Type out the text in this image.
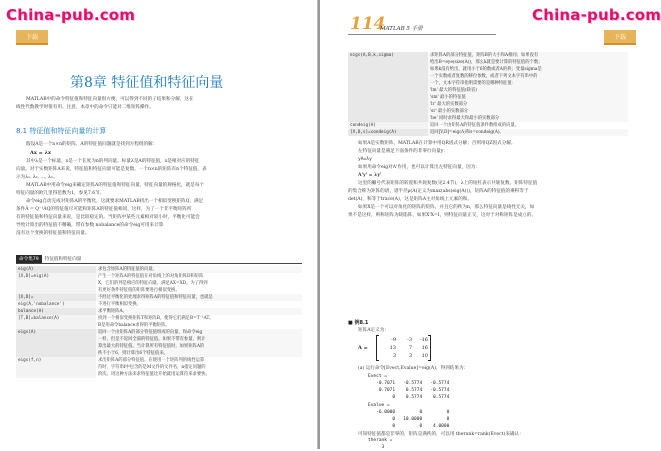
China-pub.com
下载
第8章 特征值和特征向量
MATLAB中的命令特征值和特征向量很方便，可以得到不同的子结果和分解，这在
线性代数教学时很有用。注意，本章中的命令只能对二维矩阵操作。
8.1 特征值和特征向量的计算
假设A是一个n×n的矩阵，A的特征值问题就是找到方程组的解：
Ax = λx
其中λ是一个标量，x是一个长度为n的列向量。标量λ是A的特征值，x是相对应的特征
向量。对于实数矩阵A来说，特征值和特征向量可能是复数。一个n×n的矩阵有n个特征值，表
示为λ₁, λ₂, …, λₙ。
MATLAB中用命令eig来确定矩阵A的特征值和特征向量，特征向量的规格化，就是每个
特征向量的欧几里得范数为1，参见7.6节。
命令eig自动完成对矩阵A的平衡化，这就要求MATLAB找出一个相似变换矩阵Q，满足
条件Ā = Q⁻¹AQ的特征值尽可能和矩阵A的特征值相同，这样，为了一个非平衡矩阵所
有的特征值和特征向量来说，是比较稳定的。当矩阵中某些元素相对较小时，平衡化可能会
导致计算出的特征值不精确，带有参数 nobalance的命令eig可用来计算
没有这个变换的特征值和特征向量。
命令集79	特征值和特征向量
eig(A)	求包含矩阵A的特征值的向量。
[X,D]=eig(A)	产生一个矩阵A的特征值在对角线上的对角矩阵D和矩阵
	X，它们的列是相应的特征向量，满足AX=XD。为了得到
	有更好条件特征值的矩阵要进行相似变换。
[X,D]=	不经过平衡化的处理求得矩阵A的特征值和特征向量，也就是
eig(A,'nobalance')	不进行平衡相似变换。
balance(A)	求平衡矩阵A。
[T,B]=balance(A)	找到一个相似变换矩阵T和矩阵B，使得它们满足B=T⁻¹AT。
	B是用命令balance求得的平衡矩阵。
eigs(A)	返回一个由矩阵A的部分特征值组成的向量，和命令eig
	一样，但是不返回全部的特征值。如果不带有参量，则计
	算出最大的特征值。当计算所有特征值时，如果矩阵A的
	秩不小于6，则计算出6个特征值来。
eigs(f,n)	求出矩阵A的部分特征值。在使用一个矩阵列的线性运算
	符时，字符串f中包含的是M文件的文件名，n指定问题的
	阶次。用这种方法来求特征值比开始就用运算符来求要快。
114
MATLAB 5 手册
China-pub.com
下载
eigs(A,B,k,sigma)	求矩阵A的部分特征值，矩阵B的大小和A相同；如果没有
	给出B=eye(size(A))，那么k就是要计算的特征值的个数；
	如果k没有给出，就用小于6的数或者A的秩；变量sigma是
	一个实数或者复数的移位参数，或者下列文本字符串中的
	一个，文本字符串指明需要的是哪种特征值：
	'lm' 最大的特征值(缺省)
	'sm' 最小的特征值
	'lr' 最大的实数部分
	'sr' 最小的实数部分
	'be' 同时求得最大和最小的实数部分
condeig(A)	返回一个由矩阵A的特征值条件数组成的向量。
[V,D,s]=condeig(A)	返回[V,D]=eig(A)和s=condeig(A)。
如果A是实数矩阵，MATLAB在计算中用QR因式分解；否则用QZ因式分解。
左特征向量是满足下面条件的非零行向量y：
yA=λy
如果用命令eig对A'作用，也可以计算出左特征向量，因为：
A'y' = λy'
这里的撇号代表矩阵的转置和共轭复数(见2.4节)，λ上的短杠表示共轭复数。矩阵特征值
的集合称为矩阵的谱，谱半径ρ(A)定义为max(abs(eig(A)))，矩阵A的特征值的乘积等于
det(A)，和等于trace(A)，这是矩阵A主对角线上元素的和。
如果X是一个可以对角化的矩阵的矩阵，并且它的秩为n，那么特征向量是线性无关，如
果不是这样，则称矩阵为缺陷阵，如果X'X=I，则特征向量正交，这对于对称矩阵是成立的。
■ 例8.1
矩阵A定义为：
A =
-9	-3	-16
13	7	16
3	3	10
(a) 运行命令[Evect,Evalue]=eig(A)，得到结果为：
Evect =
-0.7071   -0.5774   -0.5774
0.7071    0.5774   -0.5774
0    0.5774    0.5774
Evalue =
-6.0000         0         0
0   10.0000         0
0         0    4.0000
可知特征值都是非零的，矩阵是满秩的，可以用 therank=rank(Evect)来确认：
therank =
3
